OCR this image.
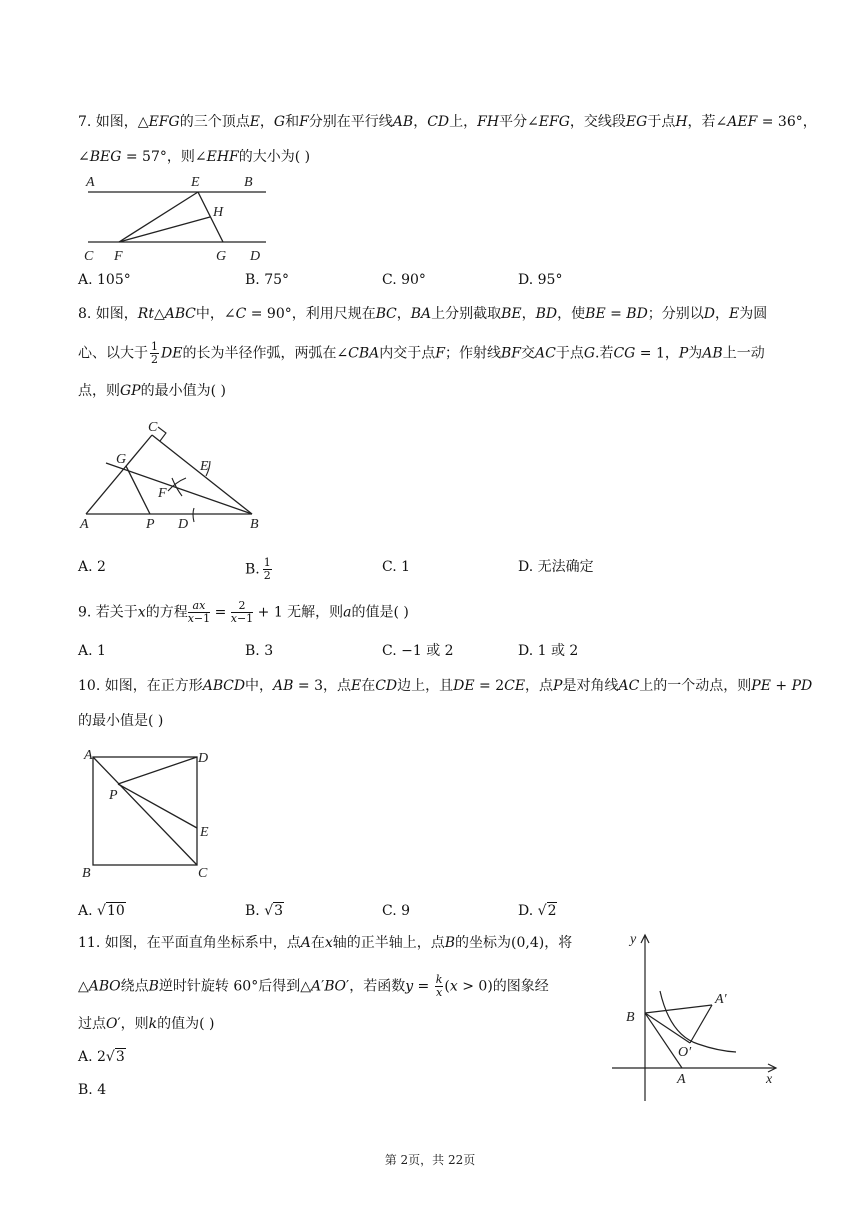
7. 如图，△𝐸𝐹𝐺的三个顶点𝐸，𝐺和𝐹分别在平行线𝐴𝐵，𝐶𝐷上，𝐹𝐻平分∠𝐸𝐹𝐺，交线段𝐸𝐺于点𝐻，若∠𝐴𝐸𝐹 = 36°，
∠𝐵𝐸𝐺 = 57°，则∠𝐸𝐻𝐹的大小为( )
A	E	B
H
C F	G D
A. 105°	B. 75°	C. 90°	D. 95°
8. 如图，𝑅𝑡△𝐴𝐵𝐶中，∠𝐶 = 90°，利用尺规在𝐵𝐶，𝐵𝐴上分别截取𝐵𝐸，𝐵𝐷，使𝐵𝐸 = 𝐵𝐷；分别以𝐷，𝐸为圆
心、以大于 $\frac{1}{2}$ 𝐷𝐸的长为半径作弧，两弧在∠𝐶𝐵𝐴内交于点𝐹；作射线𝐵𝐹交𝐴𝐶于点𝐺.若𝐶𝐺 = 1，𝑃为𝐴𝐵上一动
点，则𝐺𝑃的最小值为( )
C
G	E
F
A	P D	B
A. 2	B. $\frac{1}{2}$	C. 1	D. 无法确定
9. 若关于𝑥的方程 𝑎𝑥
𝑥−1 = 2
𝑥−1 + 1 无解，则𝑎的值是( )
A. 1	B. 3	C. −1 或 2	D. 1 或 2
10. 如图，在正方形𝐴𝐵𝐶𝐷中，𝐴𝐵 = 3，点𝐸在𝐶𝐷边上，且𝐷𝐸 = 2𝐶𝐸，点𝑃是对角线𝐴𝐶上的一个动点，则𝑃𝐸 + 𝑃𝐷
的最小值是( )
A	D
P
E
B	C
A. √10	B. √3	C. 9	D. √2
11. 如图，在平面直角坐标系中，点𝐴在𝑥轴的正半轴上，点𝐵的坐标为(0,4)，将
△𝐴𝐵𝑂绕点𝐵逆时针旋转 60°后得到△𝐴′𝐵𝑂′，若函数𝑦 = 𝑘
𝑥 (𝑥 > 0)的图象经
过点𝑂′，则𝑘的值为( )
A. 2√3
B. 4
y
B
A′
O′
A	x
第 2页，共 22页
